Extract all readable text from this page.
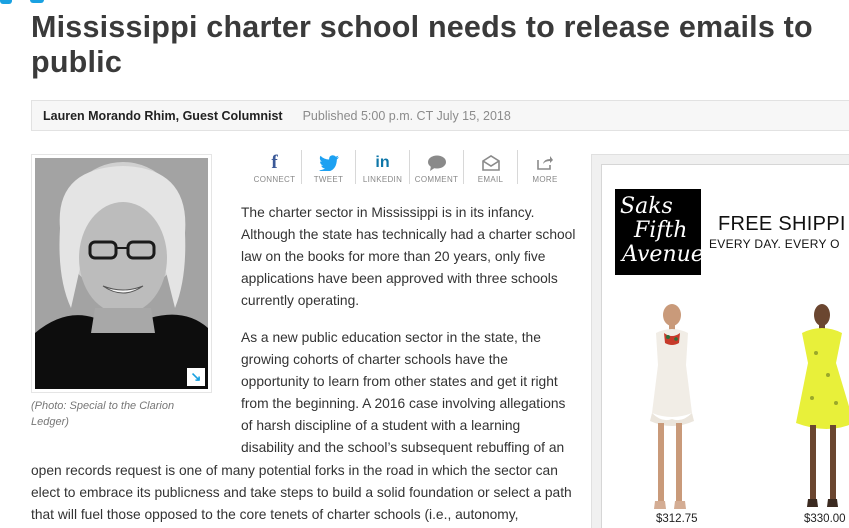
Mississippi charter school needs to release emails to
public
Lauren Morando Rhim, Guest Columnist Published 5:00 p.m. CT July 15, 2018
↘
(Photo: Special to the Clarion Ledger)
f
CONNECT TWEET
in
LINKEDIN COMMENT EMAIL	MORE

The charter sector in Mississippi is in its infancy. Although the state has technically had a charter school law on the books for more than 20 years, only five applications have been approved with three schools currently operating.

As a new public education sector in the state, the growing cohorts of charter schools have the opportunity to learn from other states and get it right from the beginning. A 2016 case involving allegations of harsh discipline of a student with a learning disability and the school’s subsequent rebuffing of an

open records request is one of many potential forks in the road in which the sector can elect to embrace its publicness and take steps to build a solid foundation or select a path that will fuel those opposed to the core tenets of charter schools (i.e., autonomy,
Saks
Fifth
Avenue
FREE SHIPPI
EVERY DAY. EVERY O
$312.75	$330.00
